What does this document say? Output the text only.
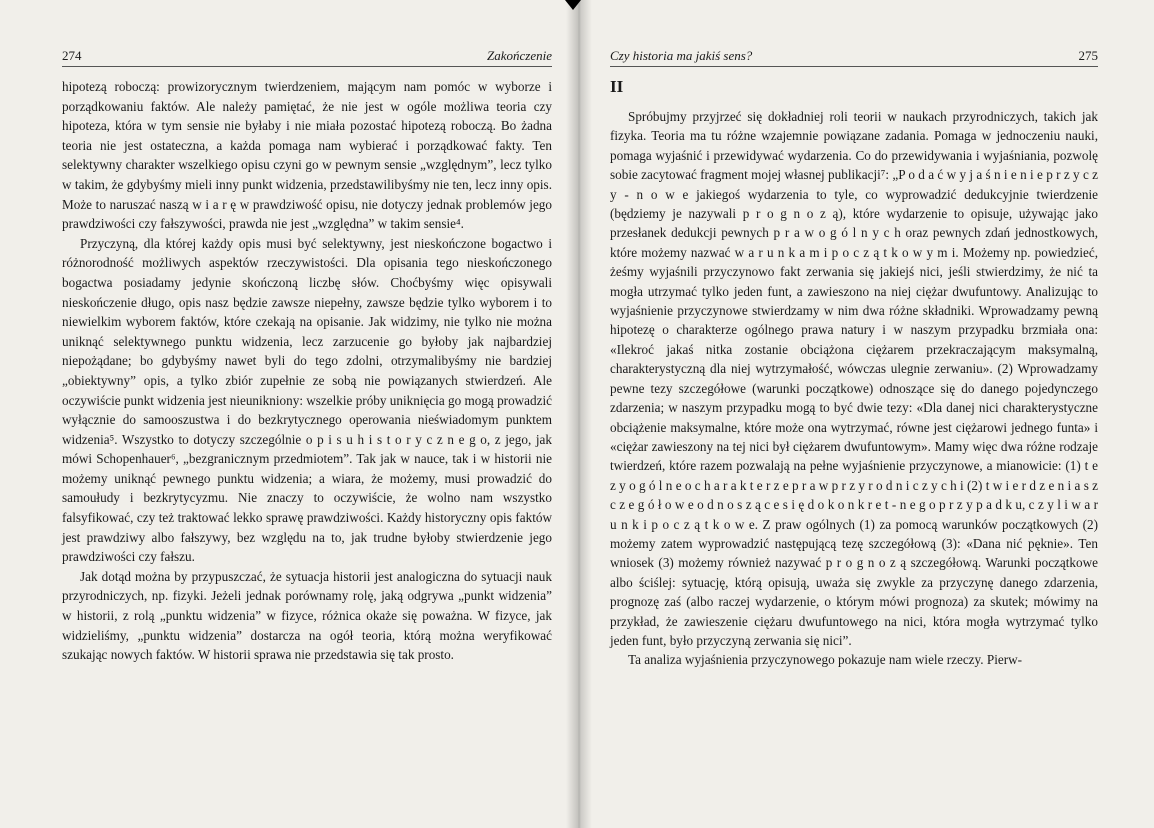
274	Zakończenie

hipotezą roboczą: prowizorycznym twierdzeniem, mającym nam pomóc w wyborze i porządkowaniu faktów. Ale należy pamiętać, że nie jest w ogóle możliwa teoria czy hipoteza, która w tym sensie nie byłaby i nie miała pozostać hipotezą roboczą. Bo żadna teoria nie jest ostateczna, a każda pomaga nam wybierać i porządkować fakty. Ten selektywny charakter wszelkiego opisu czyni go w pewnym sensie „względnym”, lecz tylko w takim, że gdybyśmy mieli inny punkt widzenia, przedstawilibyśmy nie ten, lecz inny opis. Może to naruszać naszą w i a r ę w prawdziwość opisu, nie dotyczy jednak problemów jego prawdziwości czy fałszywości, prawda nie jest „względna” w takim sensie⁴.

Przyczyną, dla której każdy opis musi być selektywny, jest nieskończone bogactwo i różnorodność możliwych aspektów rzeczywistości. Dla opisania tego nieskończonego bogactwa posiadamy jedynie skończoną liczbę słów. Choćbyśmy więc opisywali nieskończenie długo, opis nasz będzie zawsze niepełny, zawsze będzie tylko wyborem i to niewielkim wyborem faktów, które czekają na opisanie. Jak widzimy, nie tylko nie można uniknąć selektywnego punktu widzenia, lecz zarzucenie go byłoby jak najbardziej niepożądane; bo gdybyśmy nawet byli do tego zdolni, otrzymalibyśmy nie bardziej „obiektywny” opis, a tylko zbiór zupełnie ze sobą nie powiązanych stwierdzeń. Ale oczywiście punkt widzenia jest nieunikniony: wszelkie próby uniknięcia go mogą prowadzić wyłącznie do samooszustwa i do bezkrytycznego operowania nieświadomym punktem widzenia⁵. Wszystko to dotyczy szczególnie o p i s u h i s t o r y c z n e g o, z jego, jak mówi Schopenhauer⁶, „bezgranicznym przedmiotem”. Tak jak w nauce, tak i w historii nie możemy uniknąć pewnego punktu widzenia; a wiara, że możemy, musi prowadzić do samoułudy i bezkrytycyzmu. Nie znaczy to oczywiście, że wolno nam wszystko falsyfikować, czy też traktować lekko sprawę prawdziwości. Każdy historyczny opis faktów jest prawdziwy albo fałszywy, bez względu na to, jak trudne byłoby stwierdzenie jego prawdziwości czy fałszu.

Jak dotąd można by przypuszczać, że sytuacja historii jest analogiczna do sytuacji nauk przyrodniczych, np. fizyki. Jeżeli jednak porównamy rolę, jaką odgrywa „punkt widzenia” w historii, z rolą „punktu widzenia” w fizyce, różnica okaże się poważna. W fizyce, jak widzieliśmy, „punktu widzenia” dostarcza na ogół teoria, którą można weryfikować szukając nowych faktów. W historii sprawa nie przedstawia się tak prosto.

Czy historia ma jakiś sens?	275
II

Spróbujmy przyjrzeć się dokładniej roli teorii w naukach przyrodniczych, takich jak fizyka. Teoria ma tu różne wzajemnie powiązane zadania. Pomaga w jednoczeniu nauki, pomaga wyjaśnić i przewidywać wydarzenia. Co do przewidywania i wyjaśniania, pozwolę sobie zacytować fragment mojej własnej publikacji⁷: „P o d a ć w y j a ś n i e n i e p r z y c z y - n o w e jakiegoś wydarzenia to tyle, co wyprowadzić dedukcyjnie twierdzenie (będziemy je nazywali p r o g n o z ą), które wydarzenie to opisuje, używając jako przesłanek dedukcji pewnych p r a w o g ó l n y c h oraz pewnych zdań jednostkowych, które możemy nazwać w a r u n k a m i p o c z ą t k o w y m i. Możemy np. powiedzieć, żeśmy wyjaśnili przyczynowo fakt zerwania się jakiejś nici, jeśli stwierdzimy, że nić ta mogła utrzymać tylko jeden funt, a zawieszono na niej ciężar dwufuntowy. Analizując to wyjaśnienie przyczynowe stwierdzamy w nim dwa różne składniki. Wprowadzamy pewną hipotezę o charakterze ogólnego prawa natury i w naszym przypadku brzmiała ona: «Ilekroć jakaś nitka zostanie obciążona ciężarem przekraczającym maksymalną, charakterystyczną dla niej wytrzymałość, wówczas ulegnie zerwaniu». (2) Wprowadzamy pewne tezy szczegółowe (warunki początkowe) odnoszące się do danego pojedynczego zdarzenia; w naszym przypadku mogą to być dwie tezy: «Dla danej nici charakterystyczne obciążenie maksymalne, które może ona wytrzymać, równe jest ciężarowi jednego funta» i «ciężar zawieszony na tej nici był ciężarem dwufuntowym». Mamy więc dwa różne rodzaje twierdzeń, które razem pozwalają na pełne wyjaśnienie przyczynowe, a mianowicie: (1) t e z y o g ó l n e o c h a r a k t e r z e p r a w p r z y r o d n i c z y c h i (2) t w i e r d z e n i a s z c z e g ó ł o w e o d n o s z ą c e s i ę d o k o n k r e t - n e g o p r z y p a d k u, c z y l i w a r u n k i p o c z ą t k o w e. Z praw ogólnych (1) za pomocą warunków początkowych (2) możemy zatem wyprowadzić następującą tezę szczegółową (3): «Dana nić pęknie». Ten wniosek (3) możemy również nazywać p r o g n o z ą szczegółową. Warunki początkowe albo ściślej: sytuację, którą opisują, uważa się zwykle za przyczynę danego zdarzenia, prognozę zaś (albo raczej wydarzenie, o którym mówi prognoza) za skutek; mówimy na przykład, że zawieszenie ciężaru dwufuntowego na nici, która mogła wytrzymać tylko jeden funt, było przyczyną zerwania się nici”.

Ta analiza wyjaśnienia przyczynowego pokazuje nam wiele rzeczy. Pierw-
